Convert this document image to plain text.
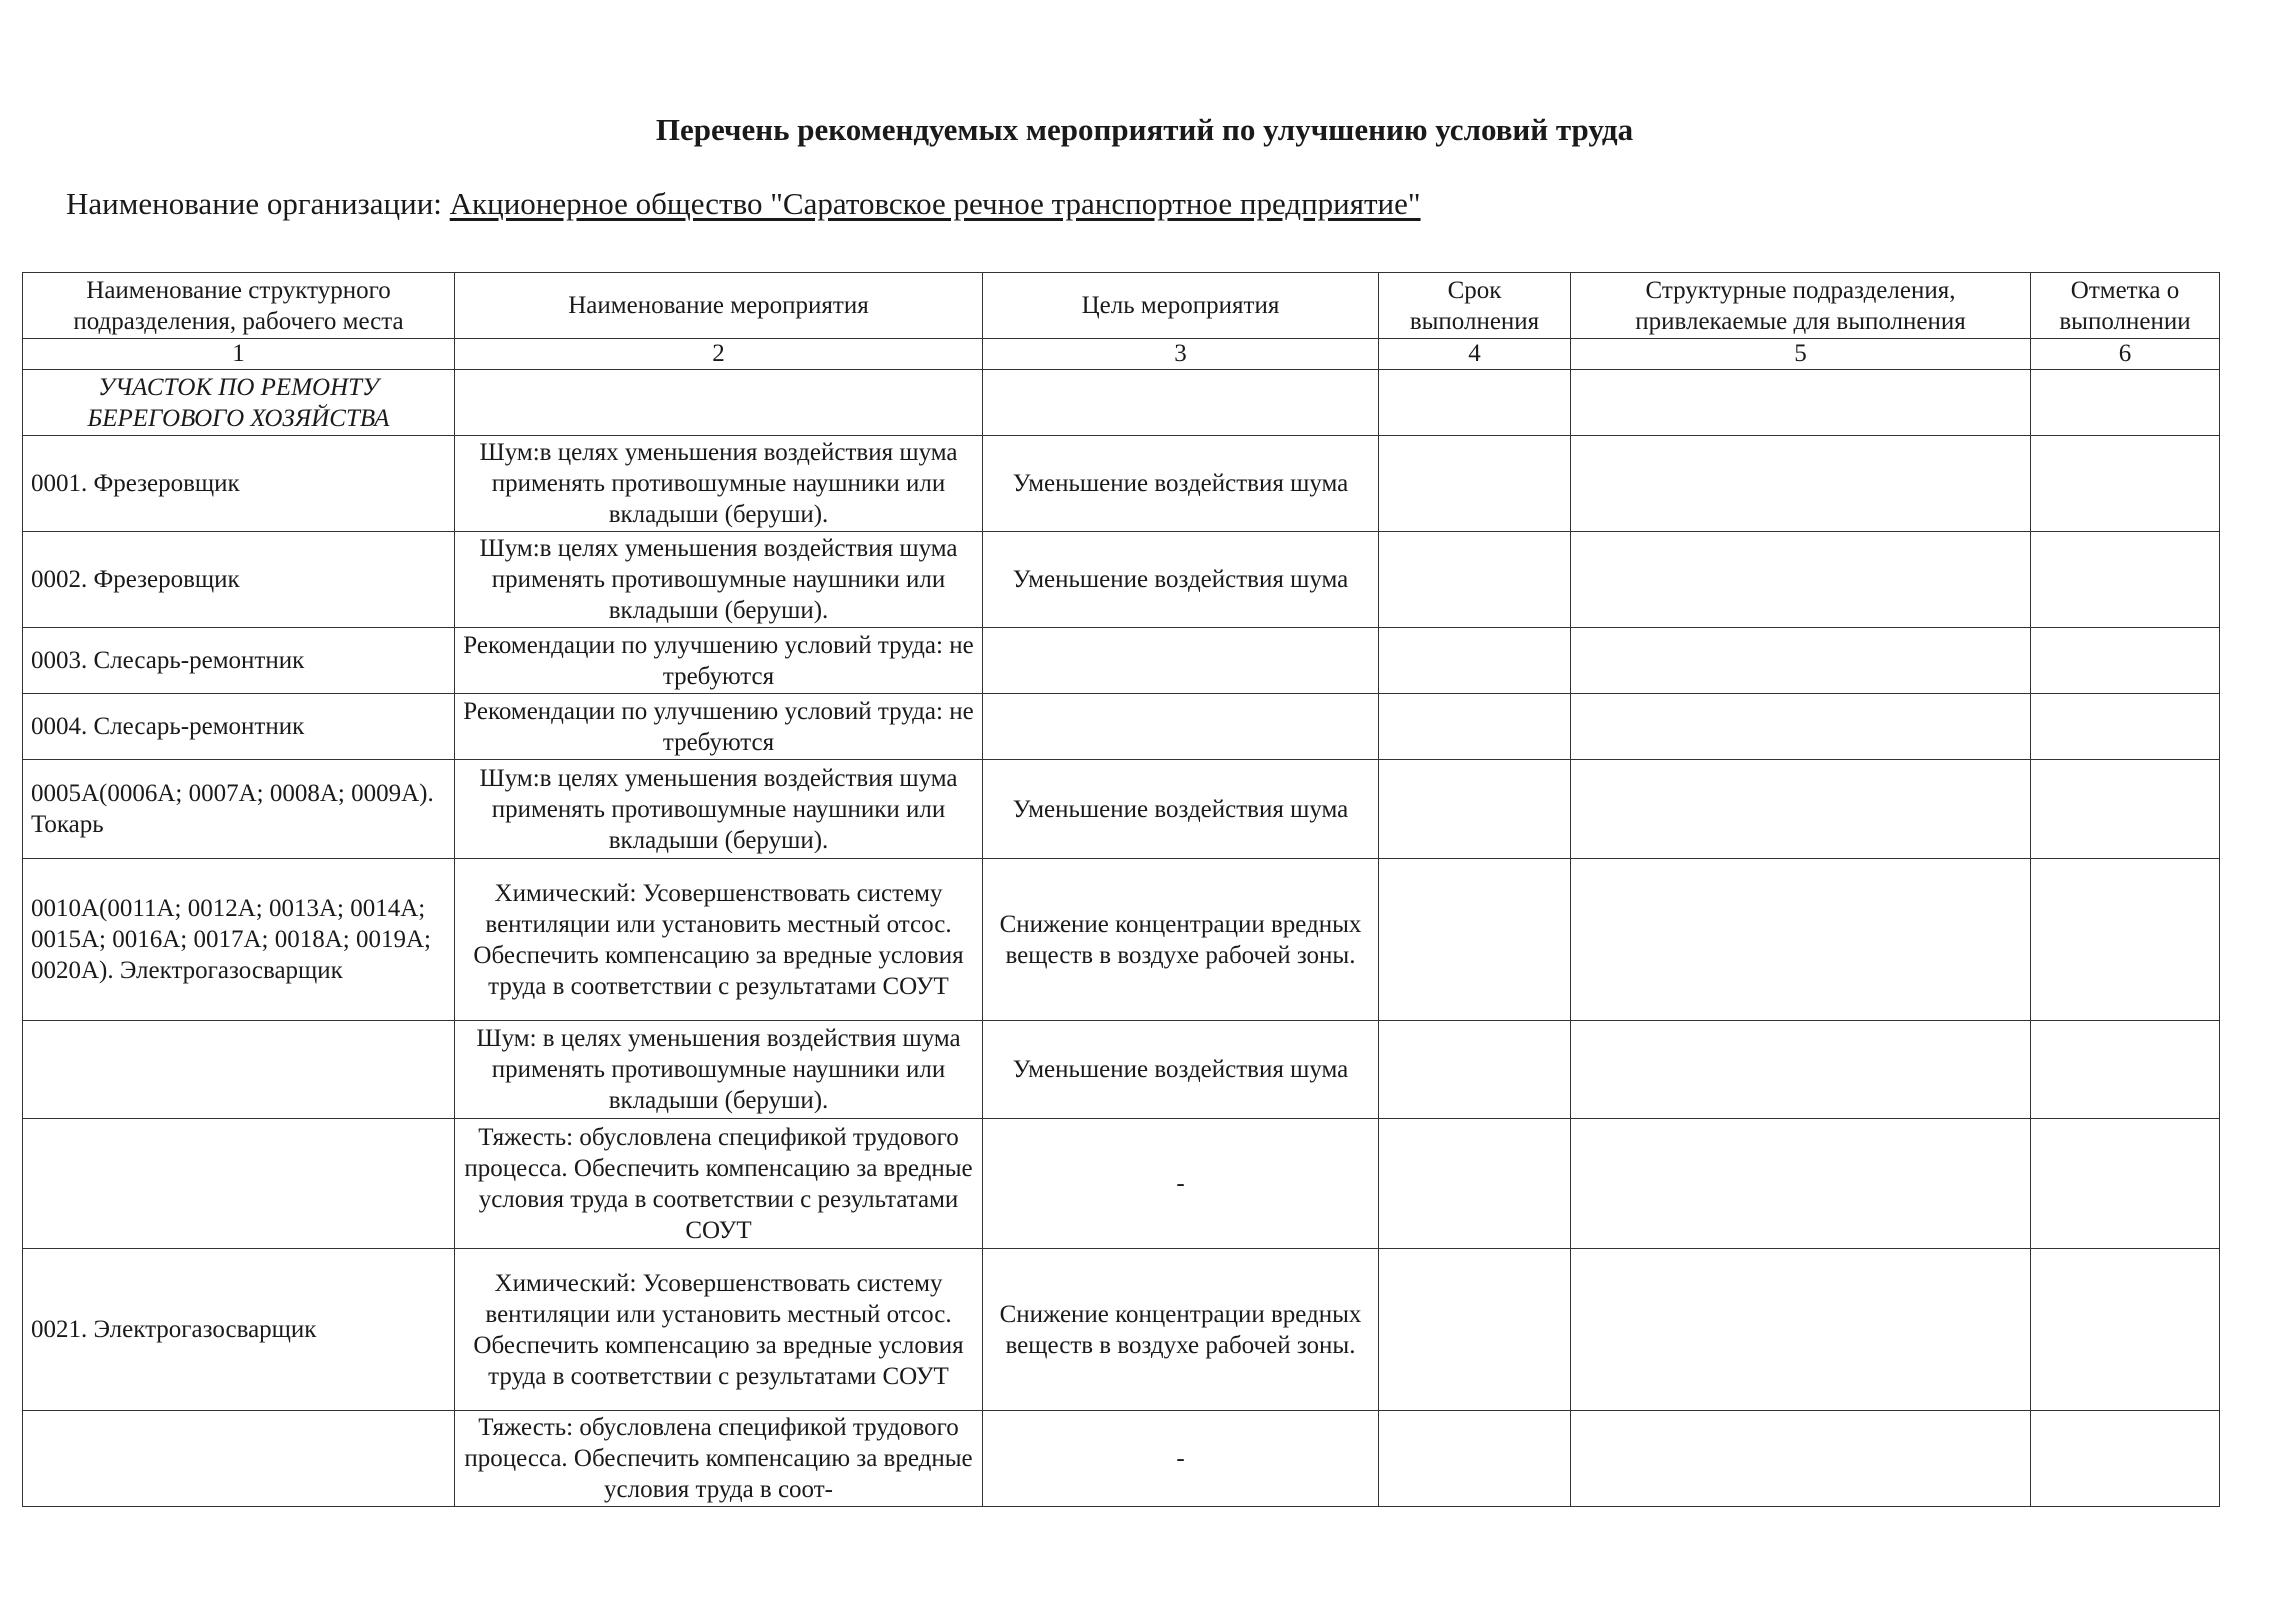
Перечень рекомендуемых мероприятий по улучшению условий труда
Наименование организации: Акционерное общество "Саратовское речное транспортное предприятие"
Наименование структурного подразделения, рабочего места	Наименование мероприятия	Цель мероприятия	Срок выполнения	Структурные подразделения, привлекаемые для выполнения	Отметка о выполнении
1	2	3	4	5	6
УЧАСТОК ПО РЕМОНТУ БЕРЕГОВОГО ХОЗЯЙСТВА					
0001. Фрезеровщик	Шум:в целях уменьшения воздействия шума применять противошумные наушники или вкладыши (беруши).	Уменьшение воздействия шума			
0002. Фрезеровщик	Шум:в целях уменьшения воздействия шума применять противошумные наушники или вкладыши (беруши).	Уменьшение воздействия шума			
0003. Слесарь-ремонтник	Рекомендации по улучшению условий труда: не требуются				
0004. Слесарь-ремонтник	Рекомендации по улучшению условий труда: не требуются				
0005А(0006А; 0007А; 0008А; 0009А). Токарь	Шум:в целях уменьшения воздействия шума применять противошумные наушники или вкладыши (беруши).	Уменьшение воздействия шума			
0010А(0011А; 0012А; 0013А; 0014А; 0015А; 0016А; 0017А; 0018А; 0019А; 0020А). Электрогазосварщик	Химический: Усовершенствовать систему вентиляции или установить местный отсос. Обеспечить компенсацию за вредные условия труда в соответствии с результатами СОУТ	Снижение концентрации вредных веществ в воздухе рабочей зоны.			
	Шум: в целях уменьшения воздействия шума применять противошумные наушники или вкладыши (беруши).	Уменьшение воздействия шума			
	Тяжесть: обусловлена спецификой трудового процесса. Обеспечить компенсацию за вредные условия труда в соответствии с результатами СОУТ	-			
0021. Электрогазосварщик	Химический: Усовершенствовать систему вентиляции или установить местный отсос. Обеспечить компенсацию за вредные условия труда в соответствии с результатами СОУТ	Снижение концентрации вредных веществ в воздухе рабочей зоны.			
	Тяжесть: обусловлена спецификой трудового процесса. Обеспечить компенсацию за вредные условия труда в соот-	-			
